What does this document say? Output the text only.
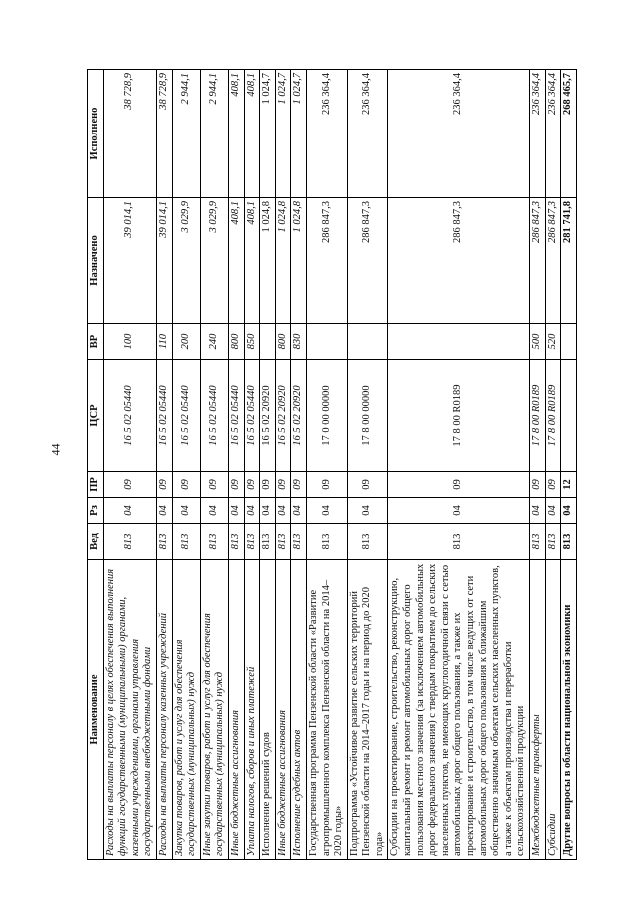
44
Наименование	Вед	Рз	ПР	ЦСР	ВР	Назначено	Исполнено
Расходы на выплаты персоналу в целях обеспечения выполнения функций государственными (муниципальными) органами, казенными учреждениями, органами управления государственными внебюджетными фондами	813	04	09	16 5 02 05440	100	39 014,1	38 728,9
Расходы на выплаты персоналу казенных учреждений	813	04	09	16 5 02 05440	110	39 014,1	38 728,9
Закупка товаров, работ и услуг для обеспечения государственных (муниципальных) нужд	813	04	09	16 5 02 05440	200	3 029,9	2 944,1
Иные закупки товаров, работ и услуг для обеспечения государственных (муниципальных) нужд	813	04	09	16 5 02 05440	240	3 029,9	2 944,1
Иные бюджетные ассигнования	813	04	09	16 5 02 05440	800	408,1	408,1
Уплата налогов, сборов и иных платежей	813	04	09	16 5 02 05440	850	408,1	408,1
Исполнение решений судов	813	04	09	16 5 02 20920		1 024,8	1 024,7
Иные бюджетные ассигнования	813	04	09	16 5 02 20920	800	1 024,8	1 024,7
Исполнение судебных актов	813	04	09	16 5 02 20920	830	1 024,8	1 024,7
Государственная программа Пензенской области «Развитие агропромышленного комплекса Пензенской области на 2014–2020 годы»	813	04	09	17 0 00 00000		286 847,3	236 364,4
Подпрограмма «Устойчивое развитие сельских территорий Пензенской области на 2014–2017 годы и на период до 2020 года»	813	04	09	17 8 00 00000		286 847,3	236 364,4
Субсидии на проектирование, строительство, реконструкцию, капитальный ремонт и ремонт автомобильных дорог общего пользования местного значения (за исключением автомобильных дорог федерального значения) с твердым покрытием до сельских населенных пунктов, не имеющих круглогодичной связи с сетью автомобильных дорог общего пользования, а также их проектирование и строительство, в том числе ведущих от сети автомобильных дорог общего пользования к ближайшим общественно значимым объектам сельских населенных пунктов, а также к объектам производства и переработки сельскохозяйственной продукции	813	04	09	17 8 00 R0189		286 847,3	236 364,4
Межбюджетные трансферты	813	04	09	17 8 00 R0189	500	286 847,3	236 364,4
Субсидии	813	04	09	17 8 00 R0189	520	286 847,3	236 364,4
Другие вопросы в области национальной экономики	813	04	12			281 741,8	268 465,7
